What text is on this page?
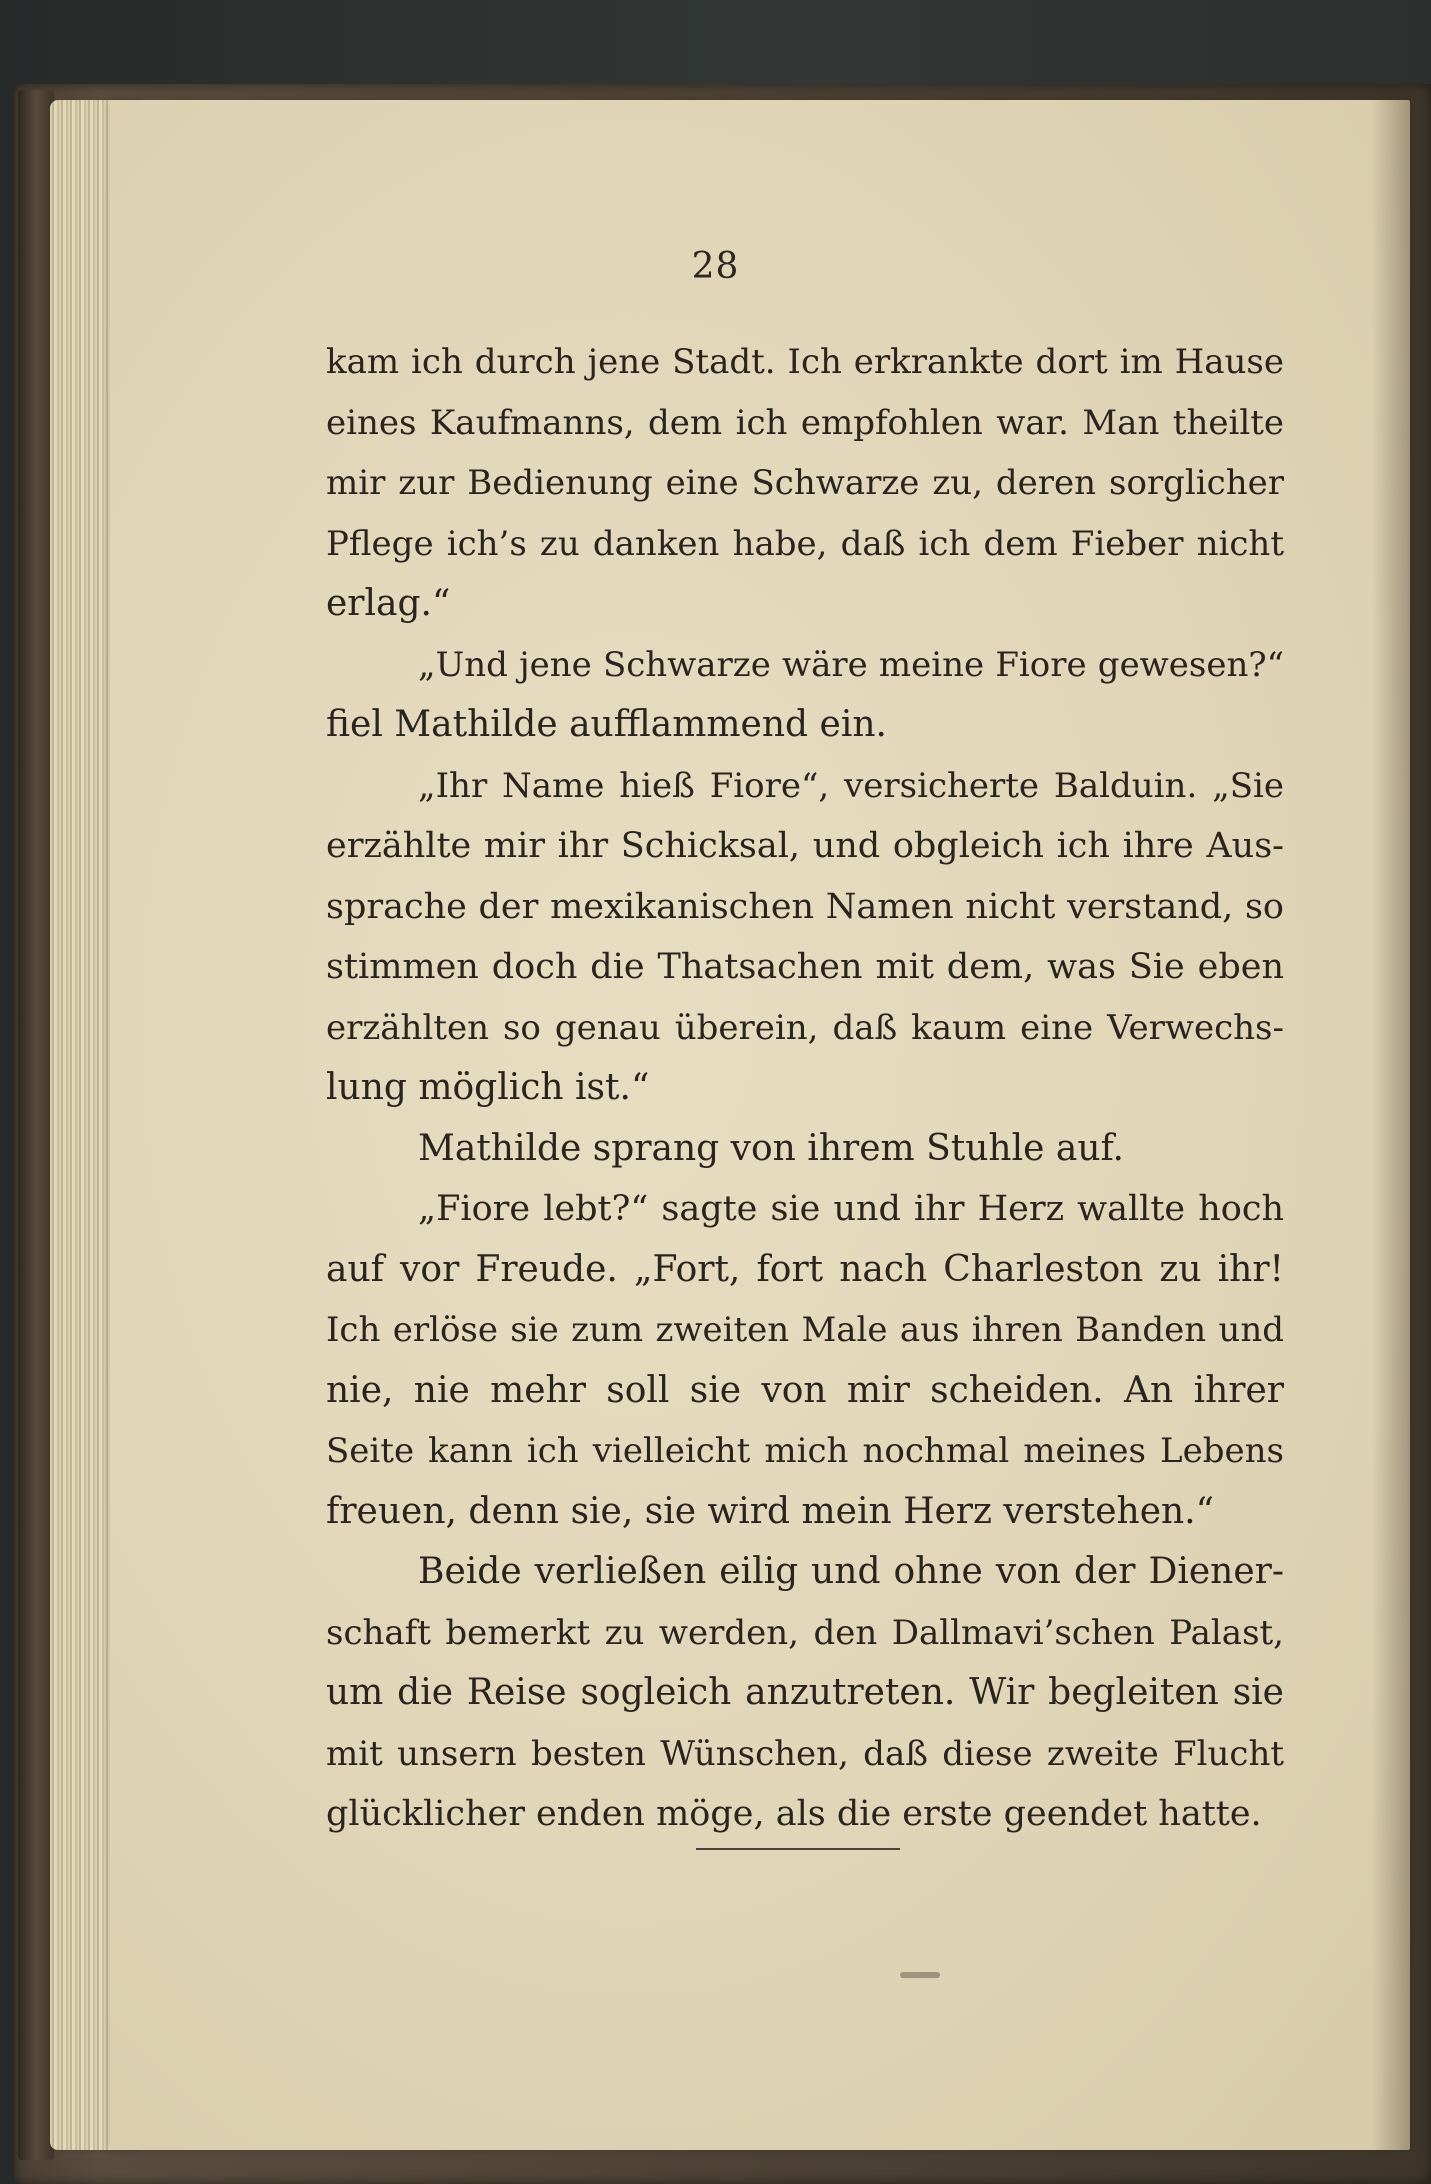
28
kam ich durch jene Stadt. Ich erkrankte dort im Hause
eines Kaufmanns, dem ich empfohlen war. Man theilte
mir zur Bedienung eine Schwarze zu, deren sorglicher
Pflege ich’s zu danken habe, daß ich dem Fieber nicht
erlag.“
„Und jene Schwarze wäre meine Fiore gewesen?“
fiel Mathilde aufflammend ein.
„Ihr Name hieß Fiore“, versicherte Balduin. „Sie
erzählte mir ihr Schicksal, und obgleich ich ihre Aus-
sprache der mexikanischen Namen nicht verstand, so
stimmen doch die Thatsachen mit dem, was Sie eben
erzählten so genau überein, daß kaum eine Verwechs-
lung möglich ist.“
Mathilde sprang von ihrem Stuhle auf.
„Fiore lebt?“ sagte sie und ihr Herz wallte hoch
auf vor Freude. „Fort, fort nach Charleston zu ihr!
Ich erlöse sie zum zweiten Male aus ihren Banden und
nie, nie mehr soll sie von mir scheiden. An ihrer
Seite kann ich vielleicht mich nochmal meines Lebens
freuen, denn sie, sie wird mein Herz verstehen.“
Beide verließen eilig und ohne von der Diener-
schaft bemerkt zu werden, den Dallmavi’schen Palast,
um die Reise sogleich anzutreten. Wir begleiten sie
mit unsern besten Wünschen, daß diese zweite Flucht
glücklicher enden möge, als die erste geendet hatte.
